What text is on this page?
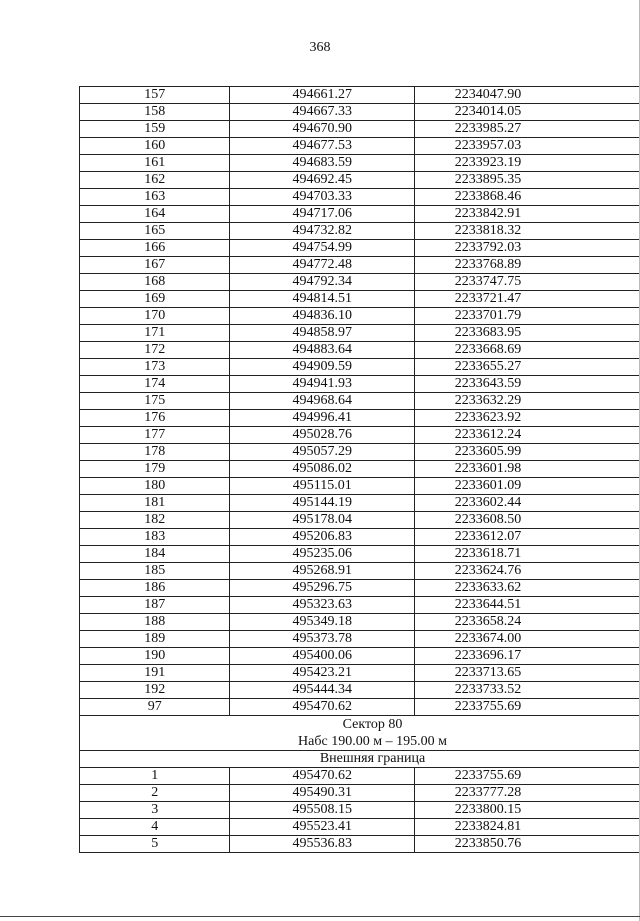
368
157	494661.27	2234047.90
158	494667.33	2234014.05
159	494670.90	2233985.27
160	494677.53	2233957.03
161	494683.59	2233923.19
162	494692.45	2233895.35
163	494703.33	2233868.46
164	494717.06	2233842.91
165	494732.82	2233818.32
166	494754.99	2233792.03
167	494772.48	2233768.89
168	494792.34	2233747.75
169	494814.51	2233721.47
170	494836.10	2233701.79
171	494858.97	2233683.95
172	494883.64	2233668.69
173	494909.59	2233655.27
174	494941.93	2233643.59
175	494968.64	2233632.29
176	494996.41	2233623.92
177	495028.76	2233612.24
178	495057.29	2233605.99
179	495086.02	2233601.98
180	495115.01	2233601.09
181	495144.19	2233602.44
182	495178.04	2233608.50
183	495206.83	2233612.07
184	495235.06	2233618.71
185	495268.91	2233624.76
186	495296.75	2233633.62
187	495323.63	2233644.51
188	495349.18	2233658.24
189	495373.78	2233674.00
190	495400.06	2233696.17
191	495423.21	2233713.65
192	495444.34	2233733.52
97	495470.62	2233755.69

Сектор 80
Набс 190.00 м – 195.00 м		

Внешняя граница		
1	495470.62	2233755.69
2	495490.31	2233777.28
3	495508.15	2233800.15
4	495523.41	2233824.81
5	495536.83	2233850.76
